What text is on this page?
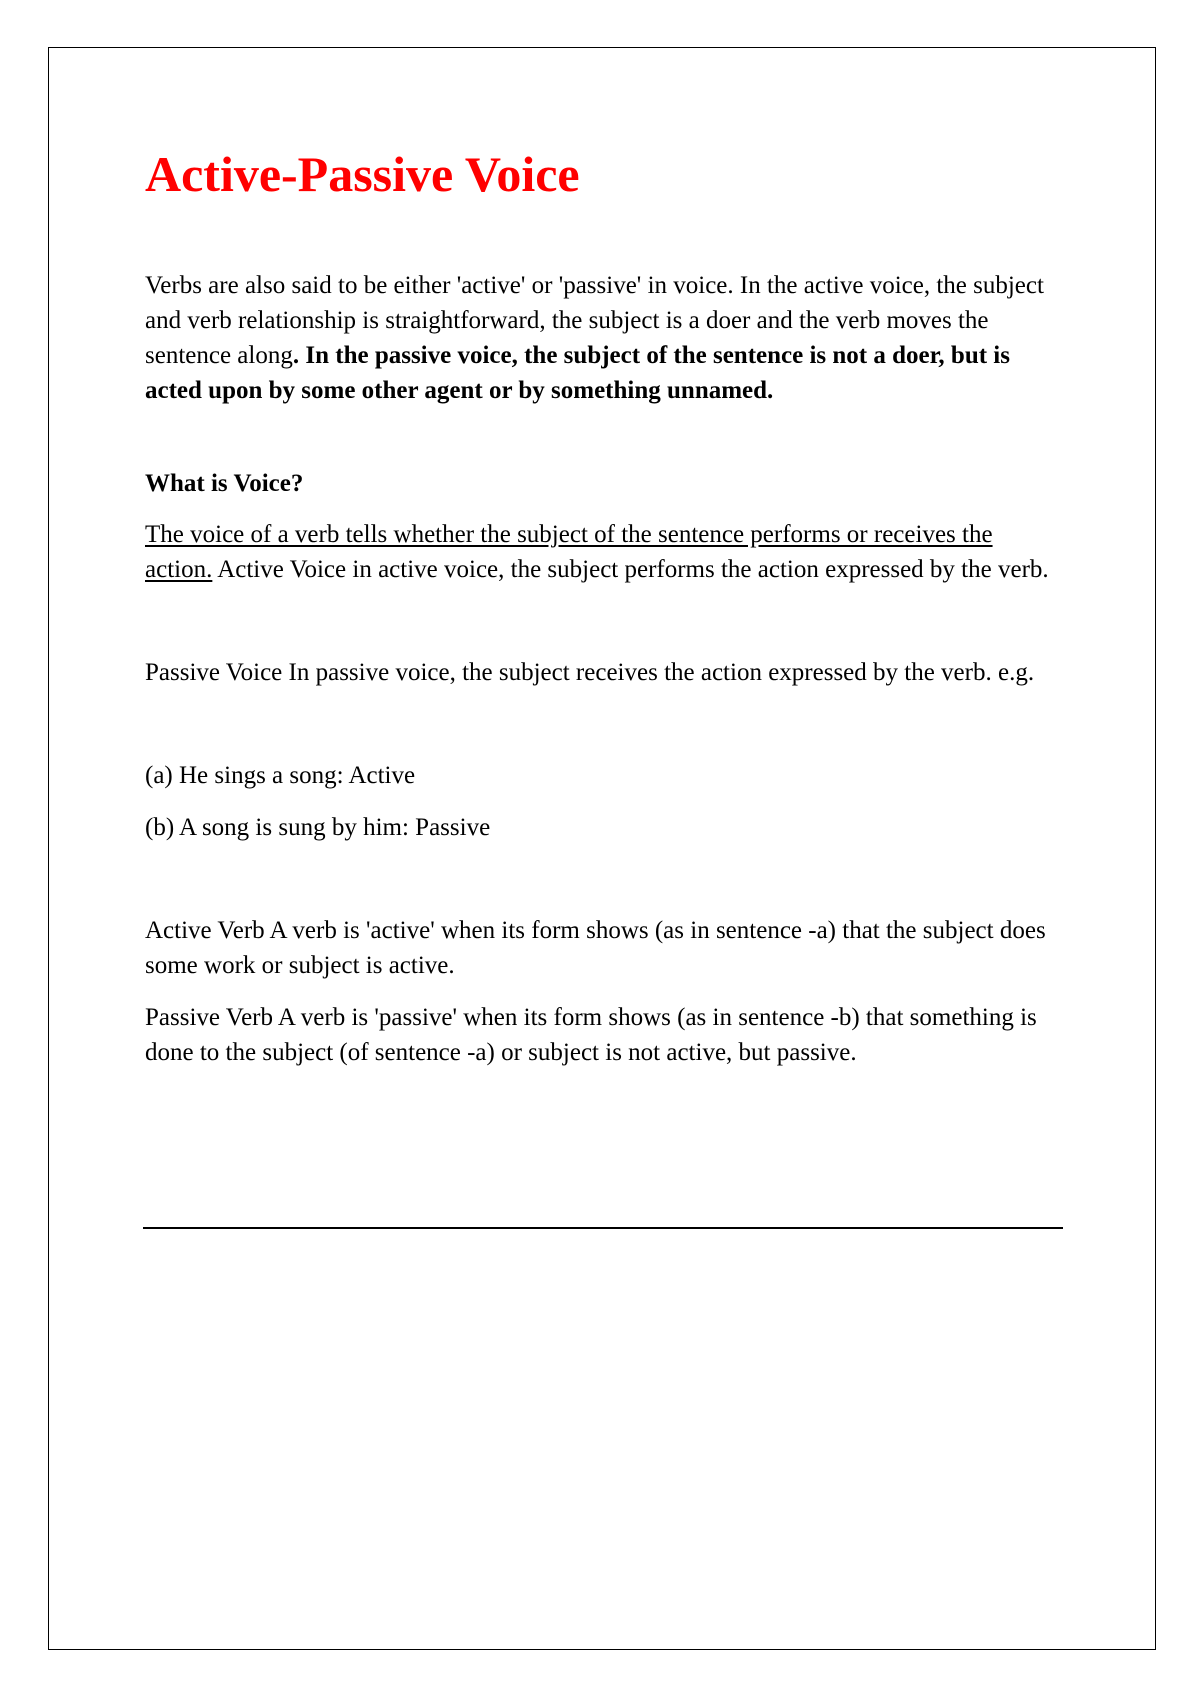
Active-Passive Voice

Verbs are also said to be either 'active' or 'passive' in voice. In the active voice, the subject and verb relationship is straightforward, the subject is a doer and the verb moves the sentence along. In the passive voice, the subject of the sentence is not a doer, but is acted upon by some other agent or by something unnamed.

What is Voice?

The voice of a verb tells whether the subject of the sentence performs or receives the action. Active Voice in active voice, the subject performs the action expressed by the verb.

Passive Voice In passive voice, the subject receives the action expressed by the verb. e.g.

(a) He sings a song: Active

(b) A song is sung by him: Passive

Active Verb A verb is 'active' when its form shows (as in sentence -a) that the subject does some work or subject is active.

Passive Verb A verb is 'passive' when its form shows (as in sentence -b) that something is done to the subject (of sentence -a) or subject is not active, but passive.
